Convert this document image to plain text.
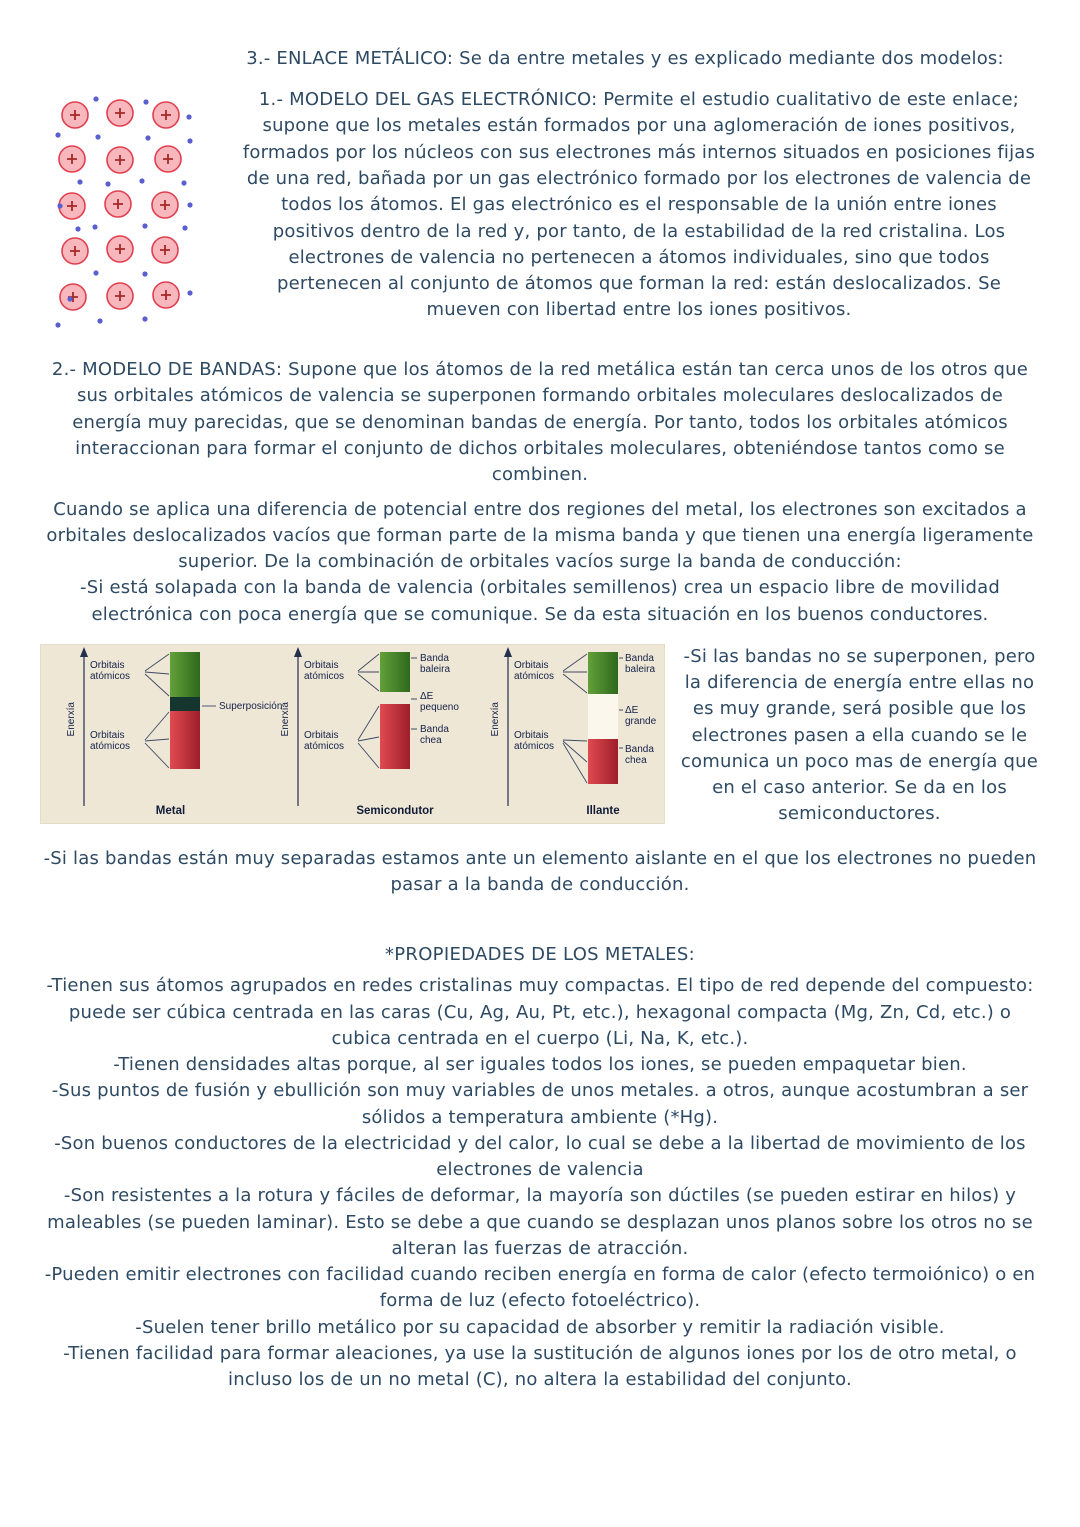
3.- ENLACE METÁLICO: Se da entre metales y es explicado mediante dos modelos:

1.- MODELO DEL GAS ELECTRÓNICO: Permite el estudio cualitativo de este enlace; supone que los metales están formados por una aglomeración de iones positivos, formados por los núcleos con sus electrones más internos situados en posiciones fijas de una red, bañada por un gas electrónico formado por los electrones de valencia de todos los átomos. El gas electrónico es el responsable de la unión entre iones positivos dentro de la red y, por tanto, de la estabilidad de la red cristalina. Los electrones de valencia no pertenecen a átomos individuales, sino que todos pertenecen al conjunto de átomos que forman la red: están deslocalizados. Se mueven con libertad entre los iones positivos.

2.- MODELO DE BANDAS: Supone que los átomos de la red metálica están tan cerca unos de los otros que sus orbitales atómicos de valencia se superponen formando orbitales moleculares deslocalizados de energía muy parecidas, que se denominan bandas de energía. Por tanto, todos los orbitales atómicos interaccionan para formar el conjunto de dichos orbitales moleculares, obteniéndose tantos como se combinen.

Cuando se aplica una diferencia de potencial entre dos regiones del metal, los electrones son excitados a orbitales deslocalizados vacíos que forman parte de la misma banda y que tienen una energía ligeramente superior. De la combinación de orbitales vacíos surge la banda de conducción:

-Si está solapada con la banda de valencia (orbitales semillenos) crea un espacio libre de movilidad electrónica con poca energía que se comunique. Se da esta situación en los buenos conductores.

Enerxía
Orbitais atómicos
Orbitais atómicos
Superposición
Metal
Enerxía
Orbitais atómicos
Orbitais atómicos
Banda baleira
ΔE pequeno
Banda chea
Semicondutor
Enerxía
Orbitais atómicos
Orbitais atómicos
Banda baleira
ΔE grande
Banda chea
Illante

-Si las bandas no se superponen, pero la diferencia de energía entre ellas no es muy grande, será posible que los electrones pasen a ella cuando se le comunica un poco mas de energía que en el caso anterior. Se da en los semiconductores.

-Si las bandas están muy separadas estamos ante un elemento aislante en el que los electrones no pueden pasar a la banda de conducción.

*PROPIEDADES DE LOS METALES:

-Tienen sus átomos agrupados en redes cristalinas muy compactas. El tipo de red depende del compuesto: puede ser cúbica centrada en las caras (Cu, Ag, Au, Pt, etc.), hexagonal compacta (Mg, Zn, Cd, etc.) o cubica centrada en el cuerpo (Li, Na, K, etc.).

-Tienen densidades altas porque, al ser iguales todos los iones, se pueden empaquetar bien.

-Sus puntos de fusión y ebullición son muy variables de unos metales. a otros, aunque acostumbran a ser sólidos a temperatura ambiente (*Hg).

-Son buenos conductores de la electricidad y del calor, lo cual se debe a la libertad de movimiento de los electrones de valencia

-Son resistentes a la rotura y fáciles de deformar, la mayoría son dúctiles (se pueden estirar en hilos) y maleables (se pueden laminar). Esto se debe a que cuando se desplazan unos planos sobre los otros no se alteran las fuerzas de atracción.

-Pueden emitir electrones con facilidad cuando reciben energía en forma de calor (efecto termoiónico) o en forma de luz (efecto fotoeléctrico).

-Suelen tener brillo metálico por su capacidad de absorber y remitir la radiación visible.

-Tienen facilidad para formar aleaciones, ya use la sustitución de algunos iones por los de otro metal, o incluso los de un no metal (C), no altera la estabilidad del conjunto.
